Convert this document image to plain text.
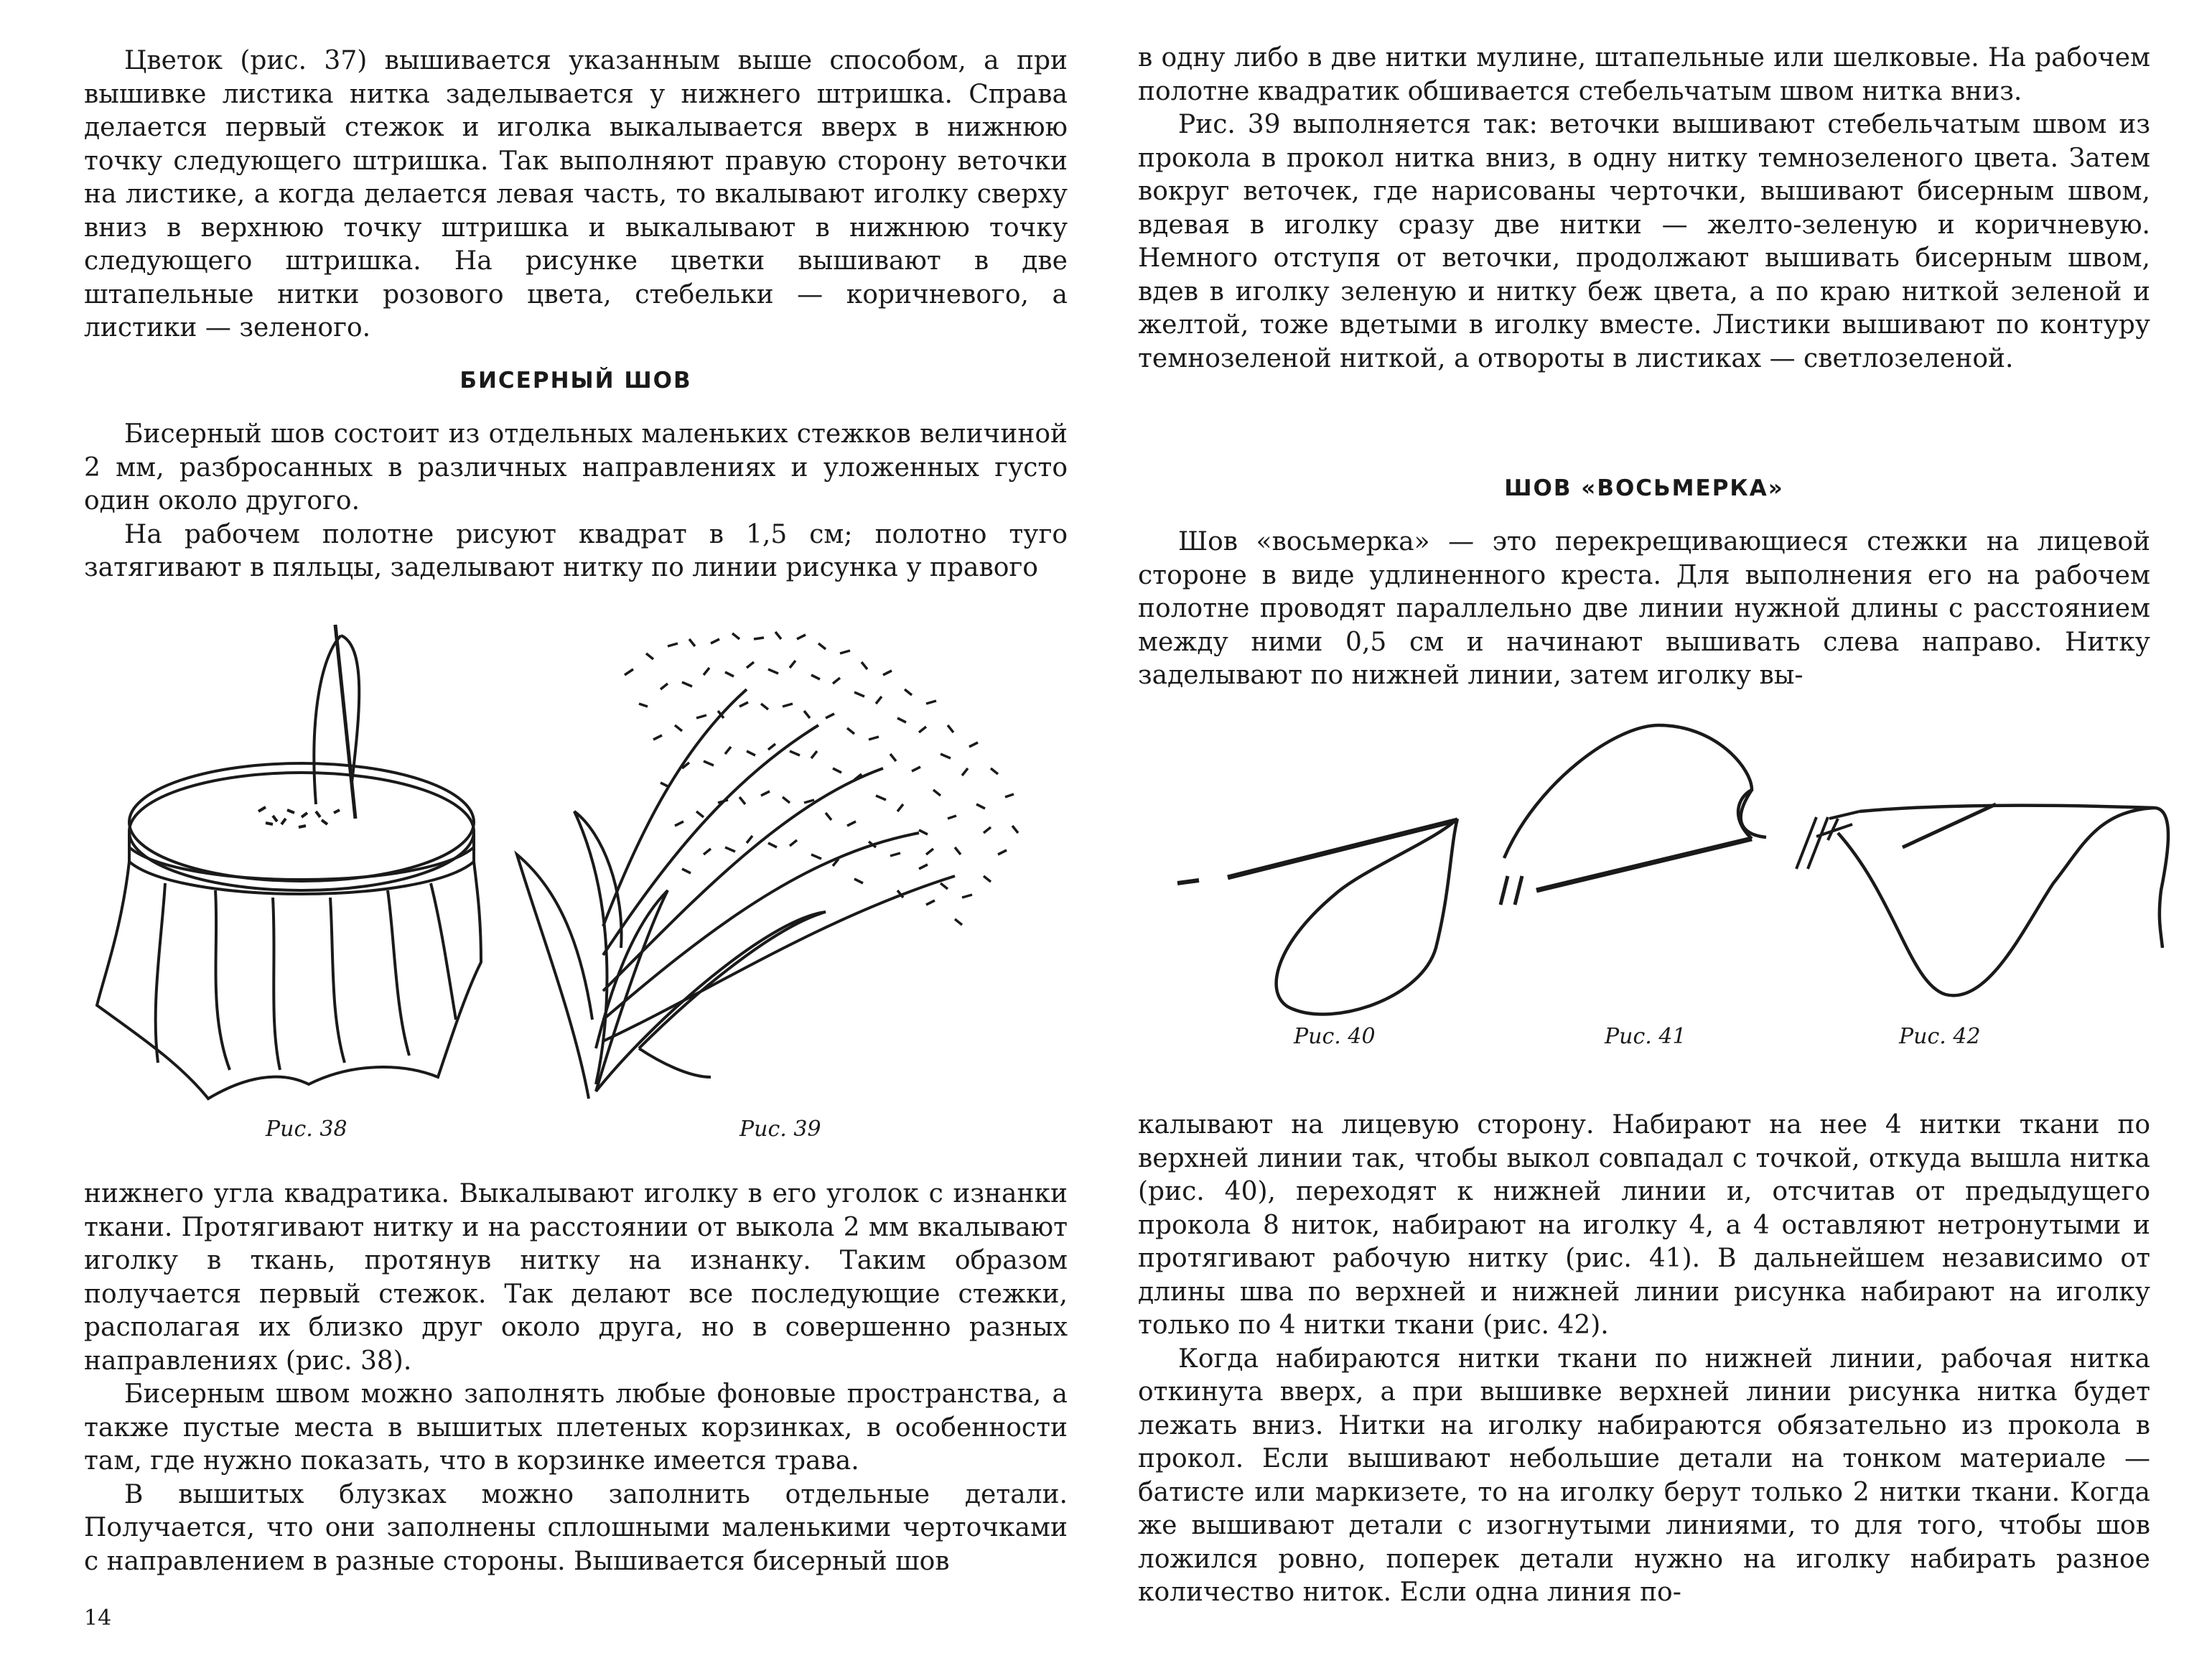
Цветок (рис. 37) вышивается указанным выше способом, а при вышивке листика нитка заделывается у нижнего штришка. Справа делается первый стежок и иголка выкалывается вверх в нижнюю точку следующего штришка. Так выполняют правую сторону веточки на листике, а когда делается левая часть, то вкалывают иголку сверху вниз в верхнюю точку штришка и выкалывают в нижнюю точку следующего штришка. На рисунке цветки вышивают в две штапельные нитки розового цвета, стебельки — коричневого, а листики — зеленого.

БИСЕРНЫЙ ШОВ

Бисерный шов состоит из отдельных маленьких стежков величиной 2 мм, разбросанных в различных направлениях и уложенных густо один около другого.

На рабочем полотне рисуют квадрат в 1,5 см; полотно туго затягивают в пяльцы, заделывают нитку по линии рисунка у правого

Рис. 38	Рис. 39

нижнего угла квадратика. Выкалывают иголку в его уголок с изнанки ткани. Протягивают нитку и на расстоянии от выкола 2 мм вкалывают иголку в ткань, протянув нитку на изнанку. Таким образом получается первый стежок. Так делают все последующие стежки, располагая их близко друг около друга, но в совершенно разных направлениях (рис. 38).

Бисерным швом можно заполнять любые фоновые пространства, а также пустые места в вышитых плетеных корзинках, в особенности там, где нужно показать, что в корзинке имеется трава.

В вышитых блузках можно заполнить отдельные детали. Получается, что они заполнены сплошными маленькими черточками с направлением в разные стороны. Вышивается бисерный шов

14

в одну либо в две нитки мулине, штапельные или шелковые. На рабочем полотне квадратик обшивается стебельчатым швом нитка вниз.

Рис. 39 выполняется так: веточки вышивают стебельчатым швом из прокола в прокол нитка вниз, в одну нитку темнозеленого цвета. Затем вокруг веточек, где нарисованы черточки, вышивают бисерным швом, вдевая в иголку сразу две нитки — желто-зеленую и коричневую. Немного отступя от веточки, продолжают вышивать бисерным швом, вдев в иголку зеленую и нитку беж цвета, а по краю ниткой зеленой и желтой, тоже вдетыми в иголку вместе. Листики вышивают по контуру темнозеленой ниткой, а отвороты в листиках — светлозеленой.

ШОВ «ВОСЬМЕРКА»

Шов «восьмерка» — это перекрещивающиеся стежки на лицевой стороне в виде удлиненного креста. Для выполнения его на рабочем полотне проводят параллельно две линии нужной длины с расстоянием между ними 0,5 см и начинают вышивать слева направо. Нитку заделывают по нижней линии, затем иголку вы-

Рис. 40	Рис. 41	Рис. 42

калывают на лицевую сторону. Набирают на нее 4 нитки ткани по верхней линии так, чтобы выкол совпадал с точкой, откуда вышла нитка (рис. 40), переходят к нижней линии и, отсчитав от предыдущего прокола 8 ниток, набирают на иголку 4, а 4 оставляют нетронутыми и протягивают рабочую нитку (рис. 41). В дальнейшем независимо от длины шва по верхней и нижней линии рисунка набирают на иголку только по 4 нитки ткани (рис. 42).

Когда набираются нитки ткани по нижней линии, рабочая нитка откинута вверх, а при вышивке верхней линии рисунка нитка будет лежать вниз. Нитки на иголку набираются обязательно из прокола в прокол. Если вышивают небольшие детали на тонком материале — батисте или маркизете, то на иголку берут только 2 нитки ткани. Когда же вышивают детали с изогнутыми линиями, то для того, чтобы шов ложился ровно, поперек детали нужно на иголку набирать разное количество ниток. Если одна линия по-
